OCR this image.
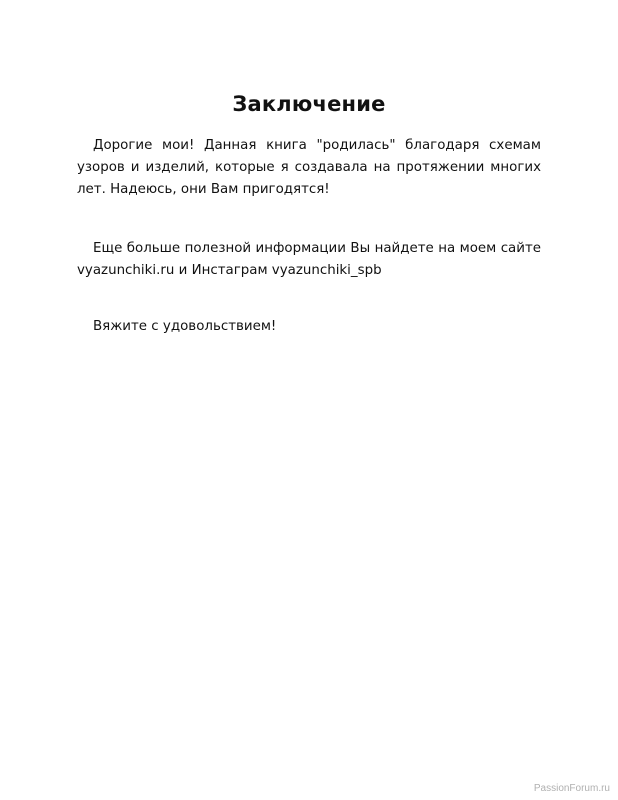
Заключение

Дорогие мои! Данная книга "родилась" благодаря схемам узоров и изделий, которые я создавала на протяжении многих лет. Надеюсь, они Вам пригодятся!

Еще больше полезной информации Вы найдете на моем сайте vyazunchiki.ru и Инстаграм vyazunchiki_spb

Вяжите с удовольствием!

PassionForum.ru
